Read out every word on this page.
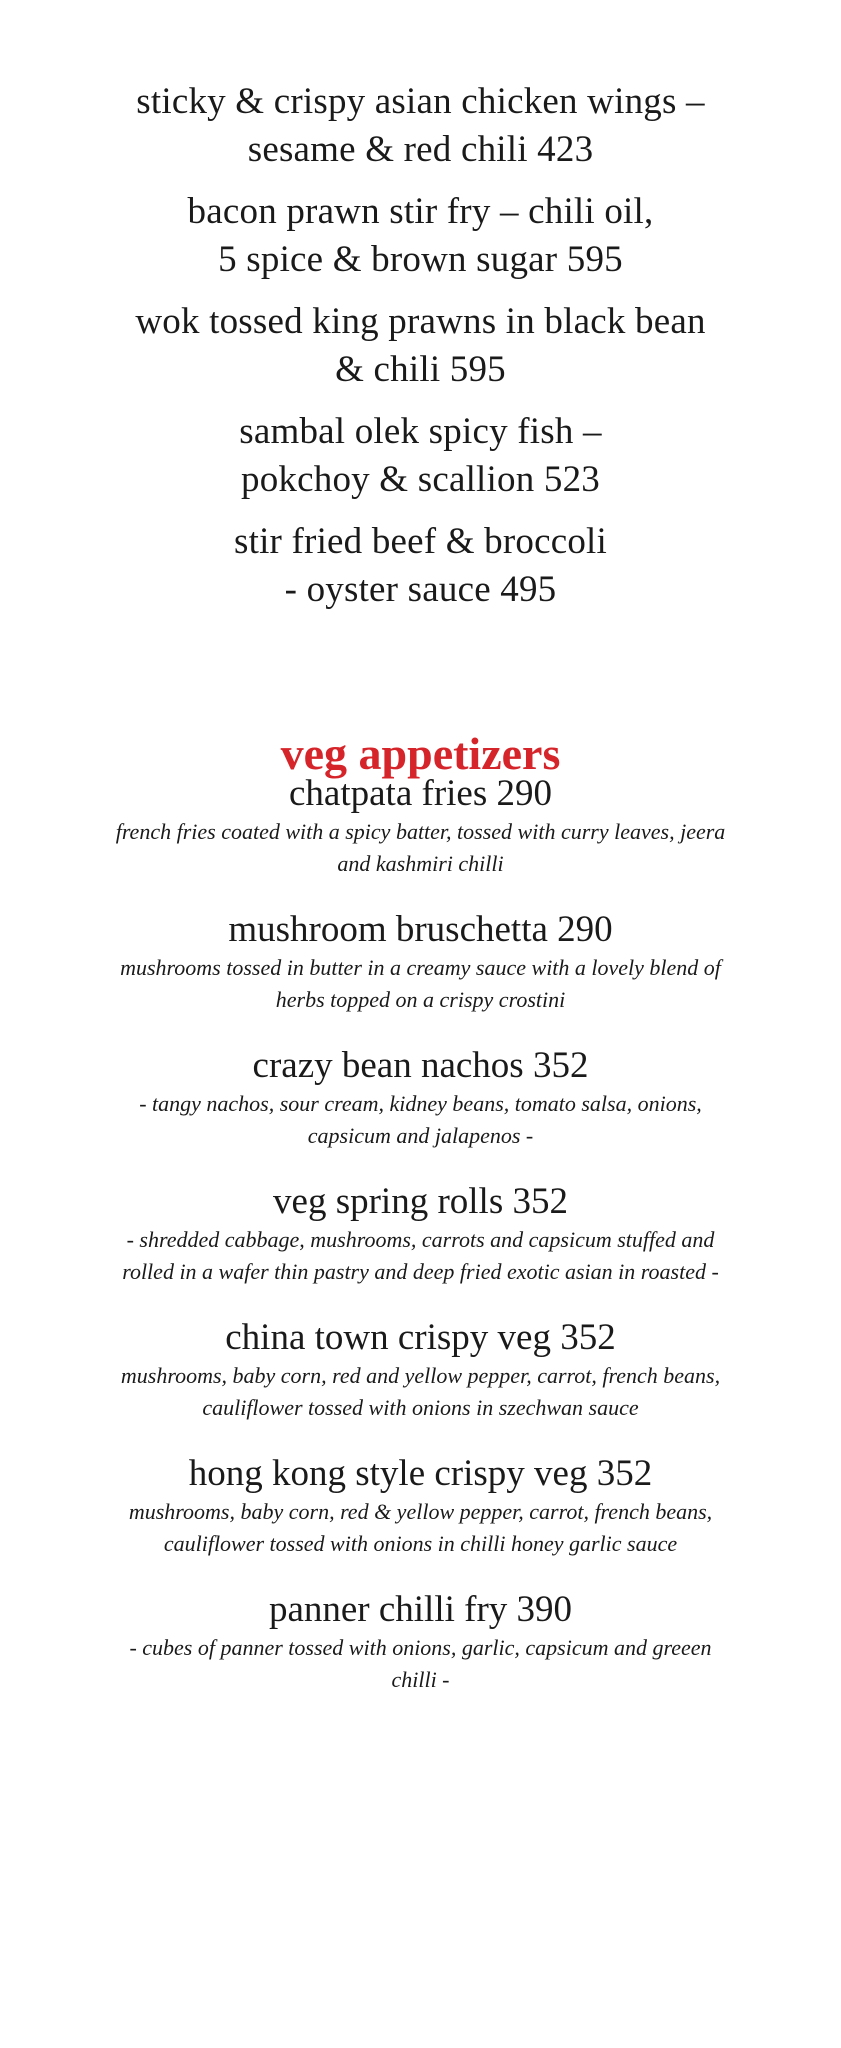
sticky & crispy asian chicken wings –
sesame & red chili 423

bacon prawn stir fry – chili oil,
5 spice & brown sugar 595

wok tossed king prawns in black bean
& chili 595

sambal olek spicy fish –
pokchoy & scallion 523

stir fried beef & broccoli
- oyster sauce 495

veg appetizers

chatpata fries 290

french fries coated with a spicy batter, tossed with curry leaves, jeera and kashmiri chilli

mushroom bruschetta 290

mushrooms tossed in butter in a creamy sauce with a lovely blend of herbs topped on a crispy crostini

crazy bean nachos 352

- tangy nachos, sour cream, kidney beans, tomato salsa, onions, capsicum and jalapenos -

veg spring rolls 352

- shredded cabbage, mushrooms, carrots and capsicum stuffed and rolled in a wafer thin pastry and deep fried exotic asian in roasted -

china town crispy veg 352

mushrooms, baby corn, red and yellow pepper, carrot, french beans, cauliflower tossed with onions in szechwan sauce

hong kong style crispy veg 352

mushrooms, baby corn, red & yellow pepper, carrot, french beans, cauliflower tossed with onions in chilli honey garlic sauce

panner chilli fry 390

- cubes of panner tossed with onions, garlic, capsicum and greeen chilli -
